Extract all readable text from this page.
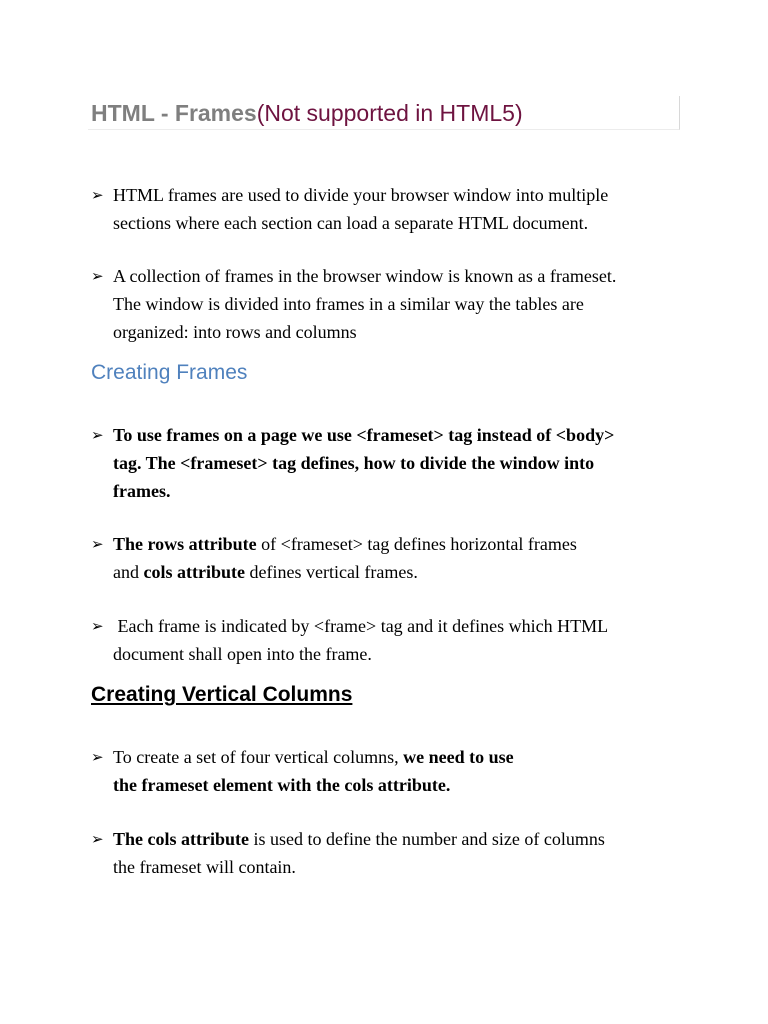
HTML - Frames(Not supported in HTML5)
➢ HTML frames are used to divide your browser window into multiple
sections where each section can load a separate HTML document.
➢ A collection of frames in the browser window is known as a frameset.
The window is divided into frames in a similar way the tables are
organized: into rows and columns
Creating Frames
➢ To use frames on a page we use <frameset> tag instead of <body>
tag. The <frameset> tag defines, how to divide the window into
frames.
➢ The rows attribute of <frameset> tag defines horizontal frames
and cols attribute defines vertical frames.
➢ Each frame is indicated by <frame> tag and it defines which HTML
document shall open into the frame.
Creating Vertical Columns
➢ To create a set of four vertical columns, we need to use
the frameset element with the cols attribute.
➢ The cols attribute is used to define the number and size of columns
the frameset will contain.
